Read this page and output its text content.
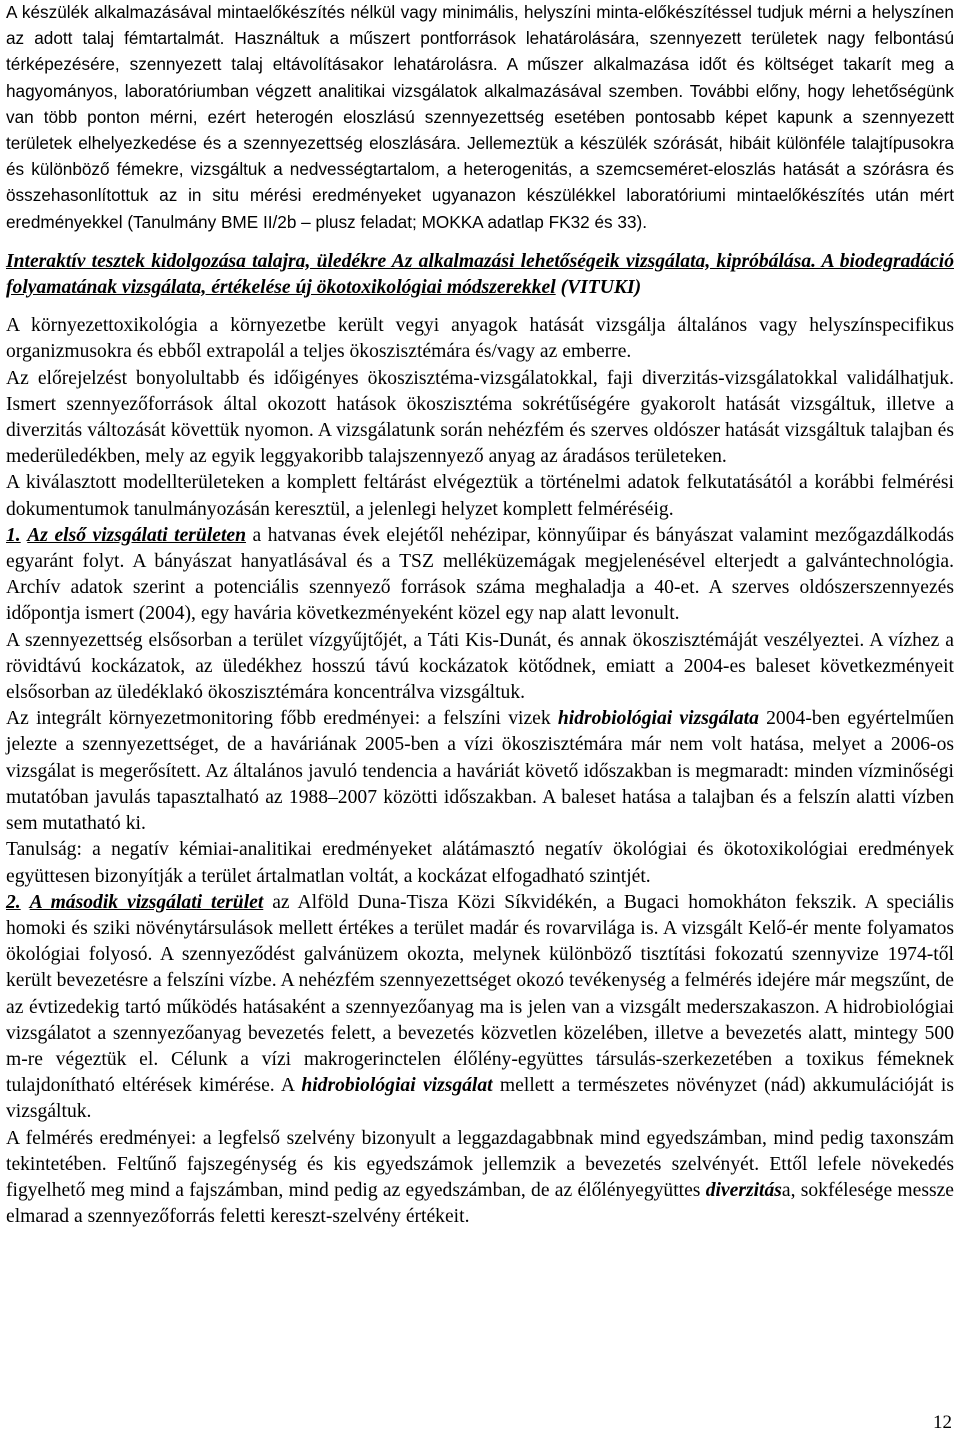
A készülék alkalmazásával mintaelőkészítés nélkül vagy minimális, helyszíni minta-előkészítéssel tudjuk mérni a helyszínen az adott talaj fémtartalmát. Használtuk a műszert pontforrások lehatárolására, szennyezett területek nagy felbontású térképezésére, szennyezett talaj eltávolításakor lehatárolásra. A műszer alkalmazása időt és költséget takarít meg a hagyományos, laboratóriumban végzett analitikai vizsgálatok alkalmazásával szemben. További előny, hogy lehetőségünk van több ponton mérni, ezért heterogén eloszlású szennyezettség esetében pontosabb képet kapunk a szennyezett területek elhelyezkedése és a szennyezettség eloszlására. Jellemeztük a készülék szórását, hibáit különféle talajtípusokra és különböző fémekre, vizsgáltuk a nedvességtartalom, a heterogenitás, a szemcseméret-eloszlás hatását a szórásra és összehasonlítottuk az in situ mérési eredményeket ugyanazon készülékkel laboratóriumi mintaelőkészítés után mért eredményekkel (Tanulmány BME II/2b – plusz feladat; MOKKA adatlap FK32 és 33).

Interaktív tesztek kidolgozása talajra, üledékre Az alkalmazási lehetőségeik vizsgálata, kipróbálása. A biodegradáció folyamatának vizsgálata, értékelése új ökotoxikológiai módszerekkel (VITUKI)

A környezettoxikológia a környezetbe került vegyi anyagok hatását vizsgálja általános vagy helyszínspecifikus organizmusokra és ebből extrapolál a teljes ökoszisztémára és/vagy az emberre.

Az előrejelzést bonyolultabb és időigényes ökoszisztéma-vizsgálatokkal, faji diverzitás-vizsgálatokkal validálhatjuk. Ismert szennyezőforrások által okozott hatások ökoszisztéma sokrétűségére gyakorolt hatását vizsgáltuk, illetve a diverzitás változását követtük nyomon. A vizsgálatunk során nehézfém és szerves oldószer hatását vizsgáltuk talajban és mederüledékben, mely az egyik leggyakoribb talajszennyező anyag az áradásos területeken.

A kiválasztott modellterületeken a komplett feltárást elvégeztük a történelmi adatok felkutatásától a korábbi felmérési dokumentumok tanulmányozásán keresztül, a jelenlegi helyzet komplett felméréséig.

1. Az első vizsgálati területen a hatvanas évek elejétől nehézipar, könnyűipar és bányászat valamint mezőgazdálkodás egyaránt folyt. A bányászat hanyatlásával és a TSZ melléküzemágak megjelenésével elterjedt a galvántechnológia. Archív adatok szerint a potenciális szennyező források száma meghaladja a 40-et. A szerves oldószerszennyezés időpontja ismert (2004), egy havária következményeként közel egy nap alatt levonult.

A szennyezettség elsősorban a terület vízgyűjtőjét, a Táti Kis-Dunát, és annak ökoszisztémáját veszélyeztei. A vízhez a rövidtávú kockázatok, az üledékhez hosszú távú kockázatok kötődnek, emiatt a 2004-es baleset következményeit elsősorban az üledéklakó ökoszisztémára koncentrálva vizsgáltuk.

Az integrált környezetmonitoring főbb eredményei: a felszíni vizek hidrobiológiai vizsgálata 2004-ben egyértelműen jelezte a szennyezettséget, de a haváriának 2005-ben a vízi ökoszisztémára már nem volt hatása, melyet a 2006-os vizsgálat is megerősített. Az általános javuló tendencia a haváriát követő időszakban is megmaradt: minden vízminőségi mutatóban javulás tapasztalható az 1988–2007 közötti időszakban. A baleset hatása a talajban és a felszín alatti vízben sem mutatható ki.

Tanulság: a negatív kémiai-analitikai eredményeket alátámasztó negatív ökológiai és ökotoxikológiai eredmények együttesen bizonyítják a terület ártalmatlan voltát, a kockázat elfogadható szintjét.

2. A második vizsgálati terület az Alföld Duna-Tisza Közi Síkvidékén, a Bugaci homokháton fekszik. A speciális homoki és sziki növénytársulások mellett értékes a terület madár és rovarvilága is. A vizsgált Kelő-ér mente folyamatos ökológiai folyosó. A szennyeződést galvánüzem okozta, melynek különböző tisztítási fokozatú szennyvize 1974-től került bevezetésre a felszíni vízbe. A nehézfém szennyezettséget okozó tevékenység a felmérés idejére már megszűnt, de az évtizedekig tartó működés hatásaként a szennyezőanyag ma is jelen van a vizsgált mederszakaszon. A hidrobiológiai vizsgálatot a szennyezőanyag bevezetés felett, a bevezetés közvetlen közelében, illetve a bevezetés alatt, mintegy 500 m-re végeztük el. Célunk a vízi makrogerinctelen élőlény-együttes társulás-szerkezetében a toxikus fémeknek tulajdonítható eltérések kimérése. A hidrobiológiai vizsgálat mellett a természetes növényzet (nád) akkumulációját is vizsgáltuk.

A felmérés eredményei: a legfelső szelvény bizonyult a leggazdagabbnak mind egyedszámban, mind pedig taxonszám tekintetében. Feltűnő fajszegénység és kis egyedszámok jellemzik a bevezetés szelvényét. Ettől lefele növekedés figyelhető meg mind a fajszámban, mind pedig az egyedszámban, de az élőlényegyüttes diverzitása, sokfélesége messze elmarad a szennyezőforrás feletti kereszt-szelvény értékeit.

12
